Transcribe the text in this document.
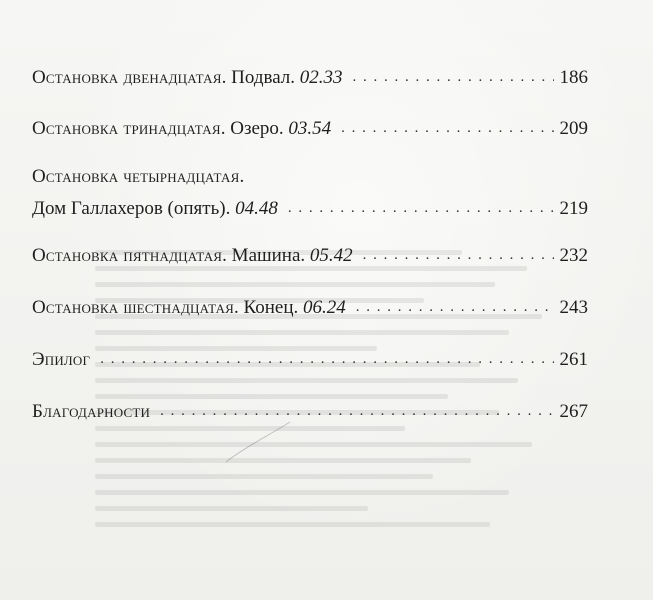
Остановка двенадцатая. Подвал. 02.33 . . .	186
Остановка тринадцатая. Озеро. 03.54 . . .	209
Остановка четырнадцатая.
Дом Галлахеров (опять). 04.48 . . .	219
Остановка пятнадцатая. Машина. 05.42 . . .	232
Остановка шестнадцатая. Конец. 06.24 . . .	243
Эпилог . . .	261
Благодарности . . .	267
